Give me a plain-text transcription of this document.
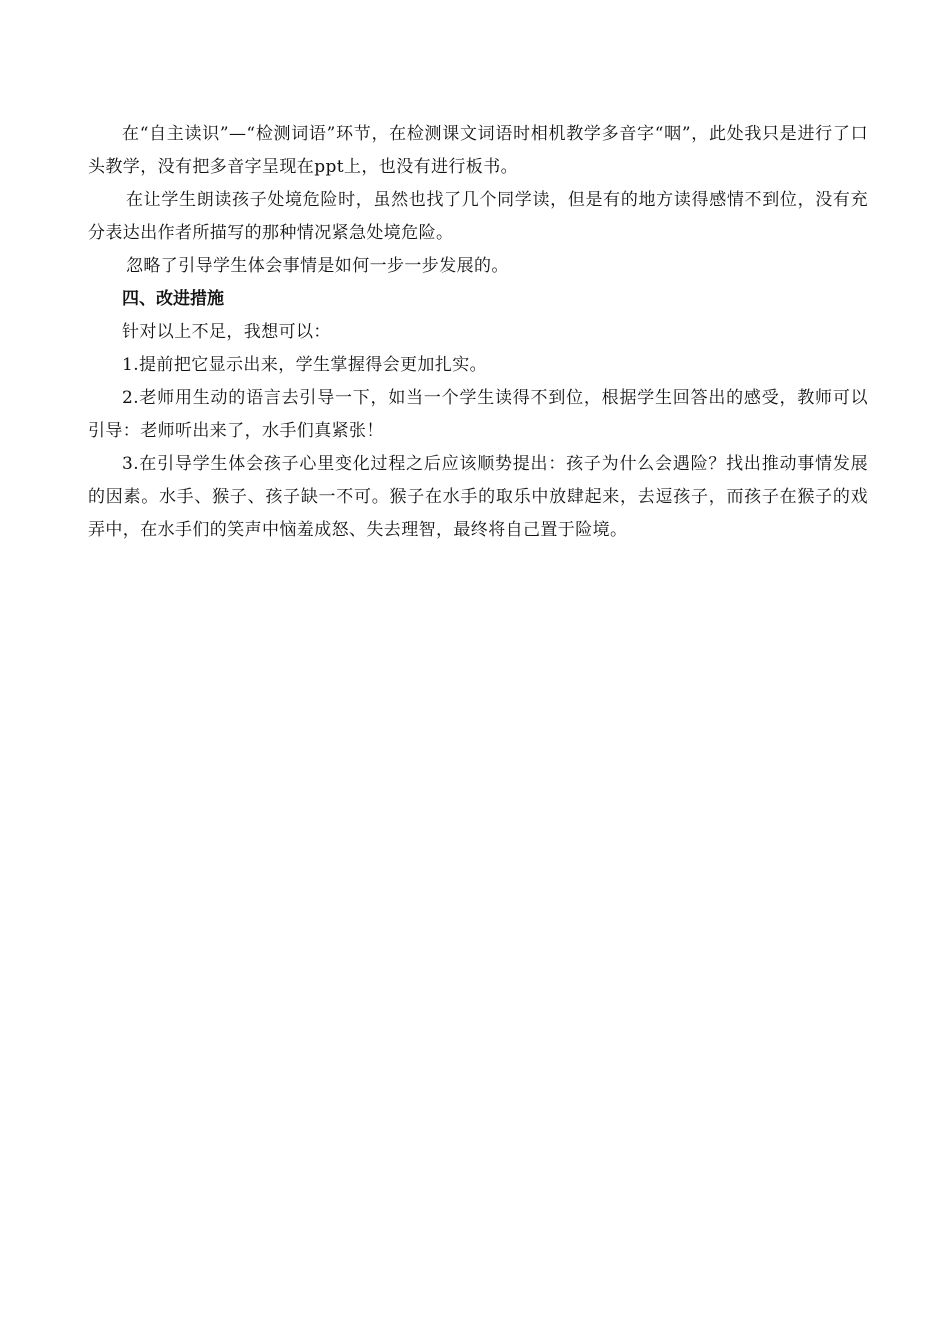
在“自主读识”—“检测词语”环节，在检测课文词语时相机教学多音字“咽”，此处我只是进行了口头教学，没有把多音字呈现在ppt上，也没有进行板书。

在让学生朗读孩子处境危险时，虽然也找了几个同学读，但是有的地方读得感情不到位，没有充分表达出作者所描写的那种情况紧急处境危险。

忽略了引导学生体会事情是如何一步一步发展的。

四、改进措施

针对以上不足，我想可以：

1.提前把它显示出来，学生掌握得会更加扎实。

2.老师用生动的语言去引导一下，如当一个学生读得不到位，根据学生回答出的感受，教师可以引导：老师听出来了，水手们真紧张！

3.在引导学生体会孩子心里变化过程之后应该顺势提出：孩子为什么会遇险？找出推动事情发展的因素。水手、猴子、孩子缺一不可。猴子在水手的取乐中放肆起来，去逗孩子，而孩子在猴子的戏弄中，在水手们的笑声中恼羞成怒、失去理智，最终将自己置于险境。
